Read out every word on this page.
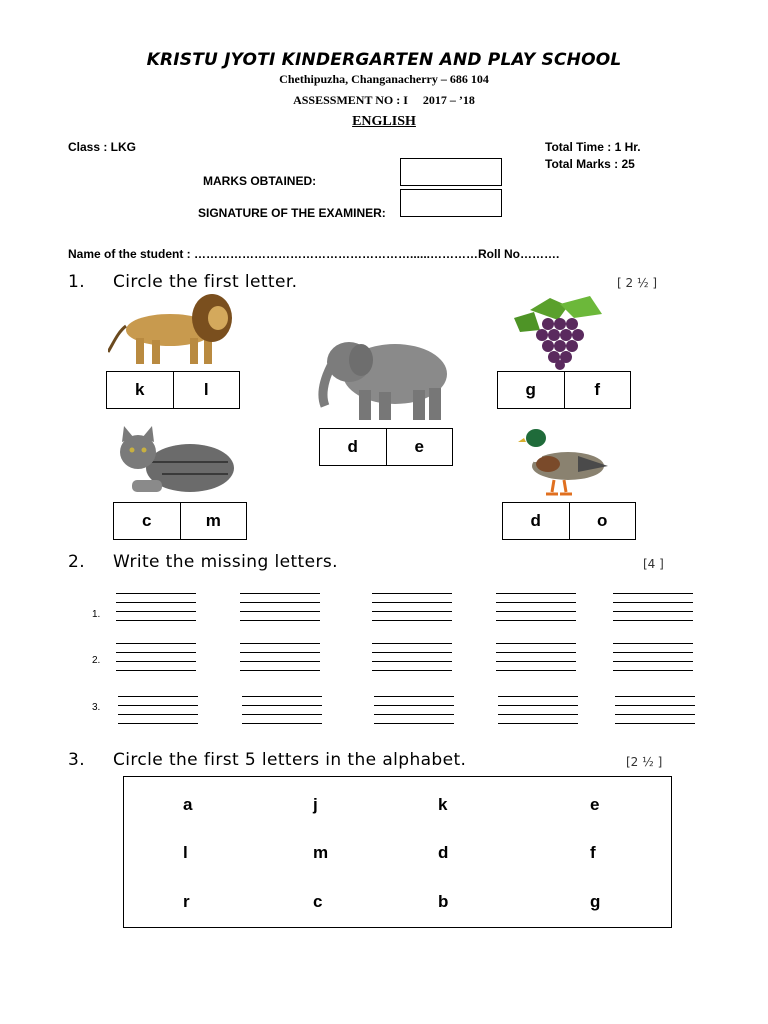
KRISTU JYOTI KINDERGARTEN AND PLAY SCHOOL
Chethipuzha, Changanacherry – 686 104
ASSESSMENT NO : I     2017 – ’18
ENGLISH
Class : LKG	Total Time : 1 Hr.
Total Marks : 25
MARKS OBTAINED:
SIGNATURE OF THE EXAMINER:
Name of the student : ………………………………………………......…………Roll No……….
1. Circle the first letter.	[ 2 ½ ]
k	l
d	e
g	f
c	m	d	o
2. Write the missing letters.	[4 ]
1.
2.
3.
3. Circle the first 5 letters in the alphabet.	[2 ½ ]
a	j	k	e
l	m	d	f
r	c	b	g
